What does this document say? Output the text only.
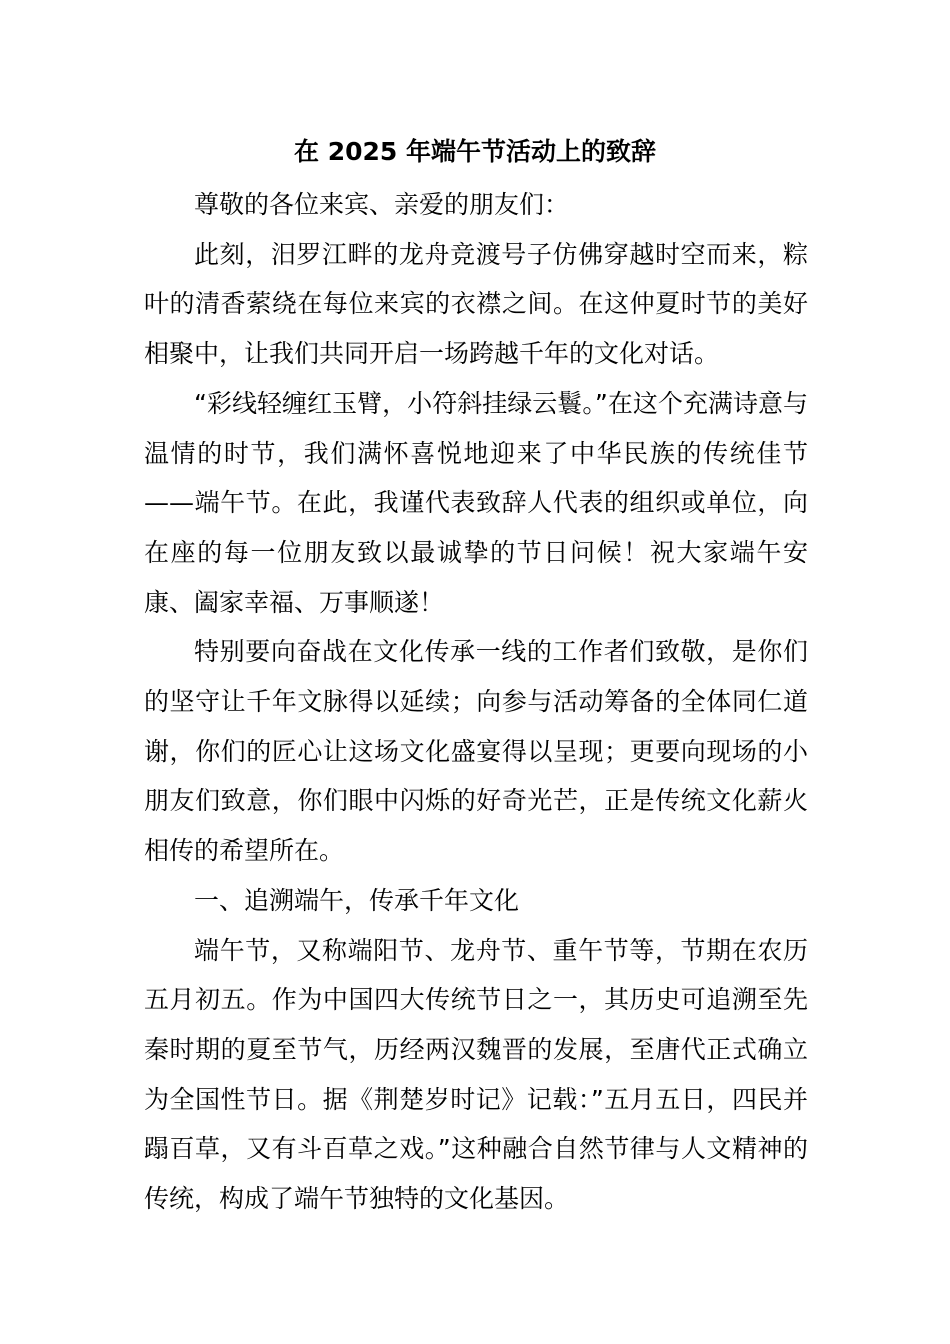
在 2025 年端午节活动上的致辞

尊敬的各位来宾、亲爱的朋友们：

此刻，汨罗江畔的龙舟竞渡号子仿佛穿越时空而来，粽叶的清香萦绕在每位来宾的衣襟之间。在这仲夏时节的美好相聚中，让我们共同开启一场跨越千年的文化对话。

“彩线轻缠红玉臂，小符斜挂绿云鬟。”在这个充满诗意与温情的时节，我们满怀喜悦地迎来了中华民族的传统佳节——端午节。在此，我谨代表致辞人代表的组织或单位，向在座的每一位朋友致以最诚挚的节日问候！祝大家端午安康、阖家幸福、万事顺遂！

特别要向奋战在文化传承一线的工作者们致敬，是你们的坚守让千年文脉得以延续；向参与活动筹备的全体同仁道谢，你们的匠心让这场文化盛宴得以呈现；更要向现场的小朋友们致意，你们眼中闪烁的好奇光芒，正是传统文化薪火相传的希望所在。

一、追溯端午，传承千年文化

端午节，又称端阳节、龙舟节、重午节等，节期在农历五月初五。作为中国四大传统节日之一，其历史可追溯至先秦时期的夏至节气，历经两汉魏晋的发展，至唐代正式确立为全国性节日。据《荆楚岁时记》记载：”五月五日，四民并蹋百草，又有斗百草之戏。”这种融合自然节律与人文精神的传统，构成了端午节独特的文化基因。
